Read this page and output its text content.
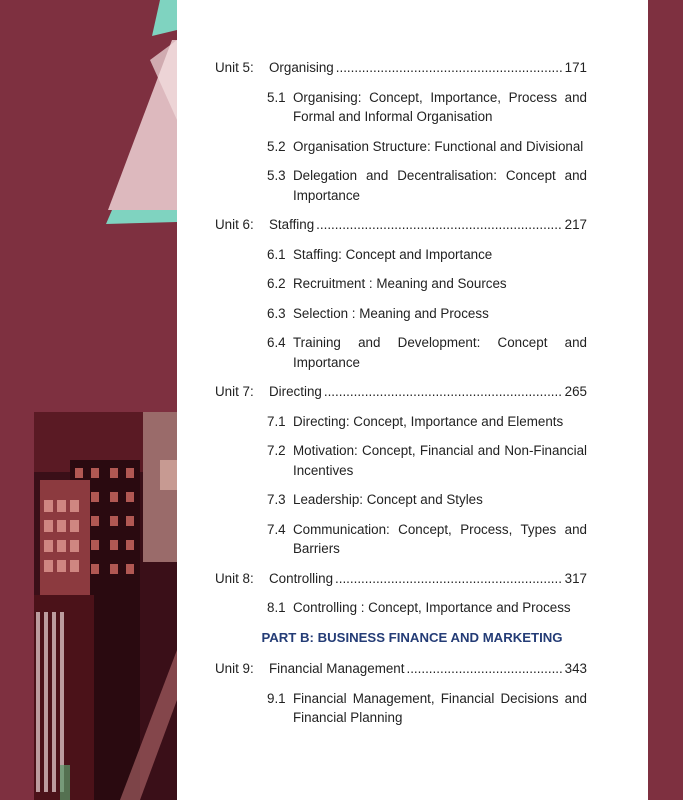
Unit 5:	Organising .....	171
5.1 Organising: Concept, Importance, Process and Formal and Informal Organisation
5.2 Organisation Structure: Functional and Divisional
5.3 Delegation and Decentralisation: Concept and Importance
Unit 6:	Staffing .....	217
6.1 Staffing: Concept and Importance
6.2 Recruitment : Meaning and Sources
6.3 Selection : Meaning and Process
6.4 Training and Development: Concept and Importance
Unit 7:	Directing .....	265
7.1 Directing: Concept, Importance and Elements
7.2 Motivation: Concept, Financial and Non-Financial Incentives
7.3 Leadership: Concept and Styles
7.4 Communication: Concept, Process, Types and Barriers
Unit 8:	Controlling .....	317
8.1 Controlling : Concept, Importance and Process
PART B: BUSINESS FINANCE AND MARKETING
Unit 9:	Financial Management .....	343
9.1 Financial Management, Financial Decisions and Financial Planning
